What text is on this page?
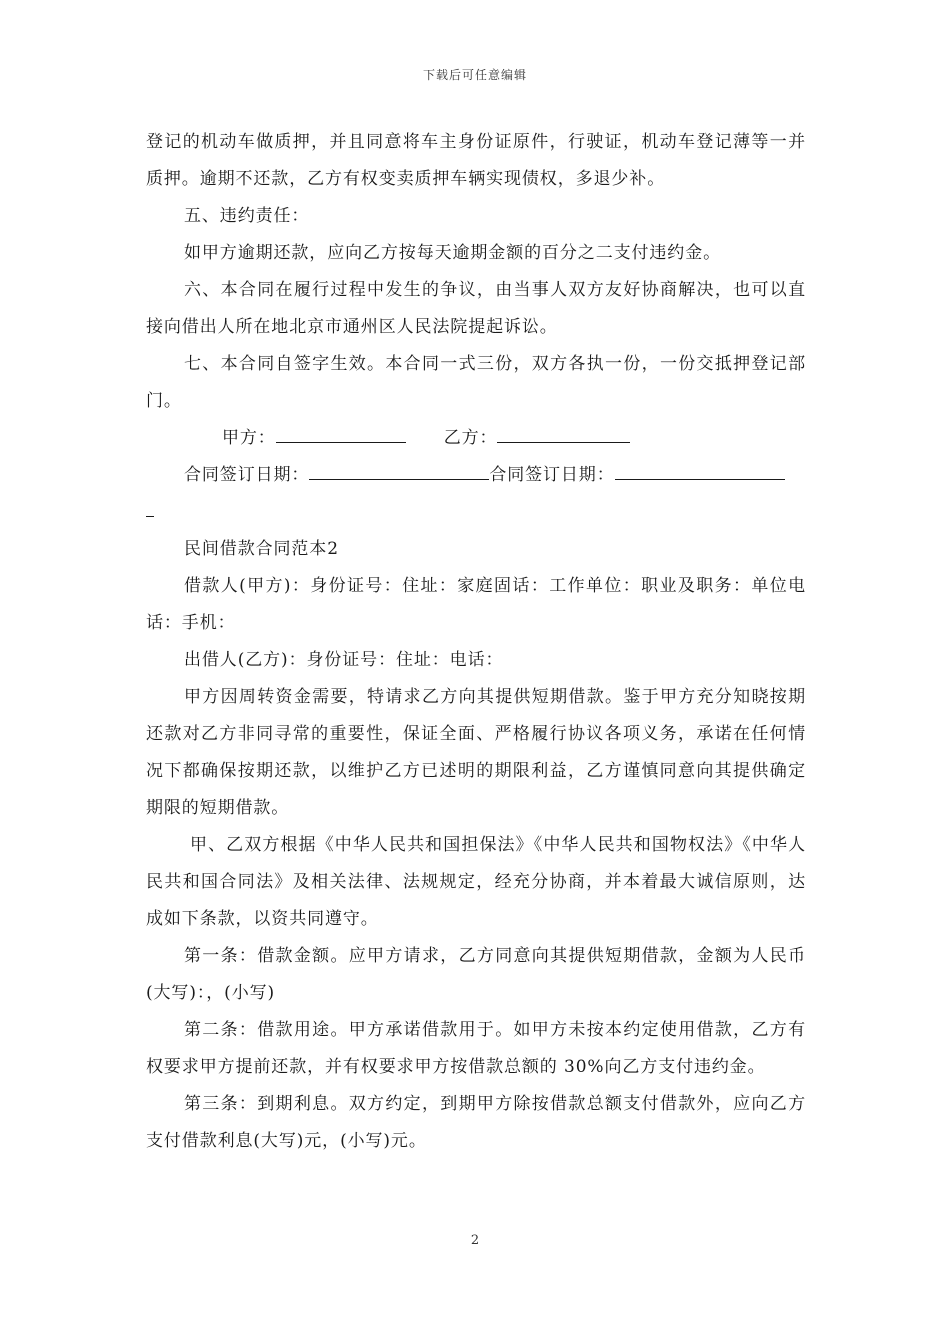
下载后可任意编辑

登记的机动车做质押，并且同意将车主身份证原件，行驶证，机动车登记薄等一并质押。逾期不还款，乙方有权变卖质押车辆实现债权，多退少补。

五、违约责任：

如甲方逾期还款，应向乙方按每天逾期金额的百分之二支付违约金。

六、本合同在履行过程中发生的争议，由当事人双方友好协商解决，也可以直接向借出人所在地北京市通州区人民法院提起诉讼。

七、本合同自签字生效。本合同一式三份，双方各执一份，一份交抵押登记部门。

甲方：	乙方：

合同签订日期：	合同签订日期：

民间借款合同范本2

借款人(甲方)：身份证号：住址：家庭固话：工作单位：职业及职务：单位电话：手机：

出借人(乙方)：身份证号：住址：电话：

甲方因周转资金需要，特请求乙方向其提供短期借款。鉴于甲方充分知晓按期还款对乙方非同寻常的重要性，保证全面、严格履行协议各项义务，承诺在任何情况下都确保按期还款，以维护乙方已述明的期限利益，乙方谨慎同意向其提供确定期限的短期借款。

甲、乙双方根据《中华人民共和国担保法》《中华人民共和国物权法》《中华人民共和国合同法》及相关法律、法规规定，经充分协商，并本着最大诚信原则，达成如下条款，以资共同遵守。

第一条：借款金额。应甲方请求，乙方同意向其提供短期借款，金额为人民币(大写)：，(小写)

第二条：借款用途。甲方承诺借款用于。如甲方未按本约定使用借款，乙方有权要求甲方提前还款，并有权要求甲方按借款总额的 30%向乙方支付违约金。

第三条：到期利息。双方约定，到期甲方除按借款总额支付借款外，应向乙方支付借款利息(大写)元，(小写)元。

2
